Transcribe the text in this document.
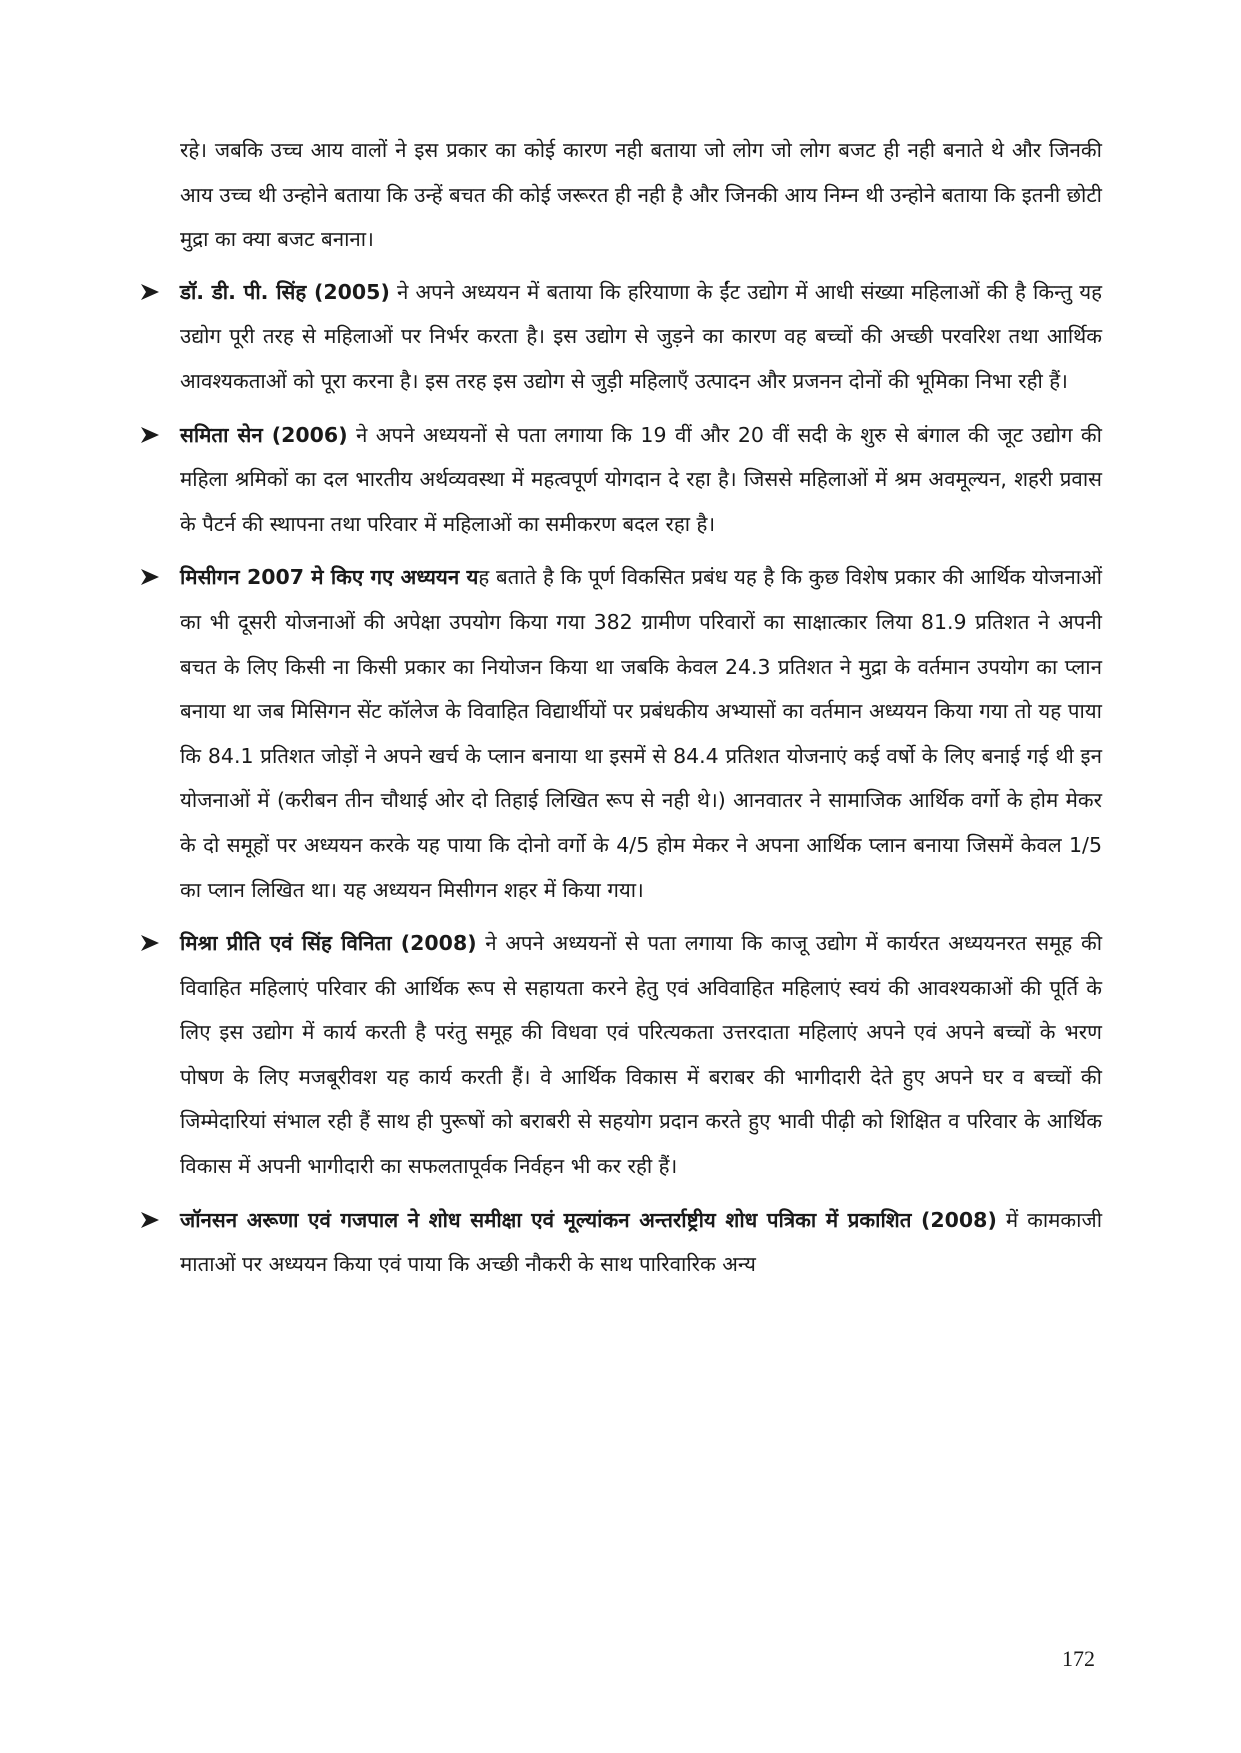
रहे। जबकि उच्च आय वालों ने इस प्रकार का कोई कारण नही बताया जो लोग जो लोग बजट ही नही बनाते थे और जिनकी आय उच्च थी उन्होने बताया कि उन्हें बचत की कोई जरूरत ही नही है और जिनकी आय निम्न थी उन्होने बताया कि इतनी छोटी मुद्रा का क्या बजट बनाना।

डॉ. डी. पी. सिंह (2005) ने अपने अध्ययन में बताया कि हरियाणा के ईंट उद्योग में आधी संख्या महिलाओं की है किन्तु यह उद्योग पूरी तरह से महिलाओं पर निर्भर करता है। इस उद्योग से जुड़ने का कारण वह बच्चों की अच्छी परवरिश तथा आर्थिक आवश्यकताओं को पूरा करना है। इस तरह इस उद्योग से जुड़ी महिलाएँ उत्पादन और प्रजनन दोनों की भूमिका निभा रही हैं।

समिता सेन (2006) ने अपने अध्ययनों से पता लगाया कि 19 वीं और 20 वीं सदी के शुरु से बंगाल की जूट उद्योग की महिला श्रमिकों का दल भारतीय अर्थव्यवस्था में महत्वपूर्ण योगदान दे रहा है। जिससे महिलाओं में श्रम अवमूल्यन, शहरी प्रवास के पैटर्न की स्थापना तथा परिवार में महिलाओं का समीकरण बदल रहा है।

मिसीगन 2007 मे किए गए अध्ययन यह बताते है कि पूर्ण विकसित प्रबंध यह है कि कुछ विशेष प्रकार की आर्थिक योजनाओं का भी दूसरी योजनाओं की अपेक्षा उपयोग किया गया 382 ग्रामीण परिवारों का साक्षात्कार लिया 81.9 प्रतिशत ने अपनी बचत के लिए किसी ना किसी प्रकार का नियोजन किया था जबकि केवल 24.3 प्रतिशत ने मुद्रा के वर्तमान उपयोग का प्लान बनाया था जब मिसिगन सेंट कॉलेज के विवाहित विद्यार्थीयों पर प्रबंधकीय अभ्यासों का वर्तमान अध्ययन किया गया तो यह पाया कि 84.1 प्रतिशत जोड़ों ने अपने खर्च के प्लान बनाया था इसमें से 84.4 प्रतिशत योजनाएं कई वर्षो के लिए बनाई गई थी इन योजनाओं में (करीबन तीन चौथाई ओर दो तिहाई लिखित रूप से नही थे।) आनवातर ने सामाजिक आर्थिक वर्गो के होम मेकर के दो समूहों पर अध्ययन करके यह पाया कि दोनो वर्गो के 4/5 होम मेकर ने अपना आर्थिक प्लान बनाया जिसमें केवल 1/5 का प्लान लिखित था। यह अध्ययन मिसीगन शहर में किया गया।

मिश्रा प्रीति एवं सिंह विनिता (2008) ने अपने अध्ययनों से पता लगाया कि काजू उद्योग में कार्यरत अध्ययनरत समूह की विवाहित महिलाएं परिवार की आर्थिक रूप से सहायता करने हेतु एवं अविवाहित महिलाएं स्वयं की आवश्यकाओं की पूर्ति के लिए इस उद्योग में कार्य करती है परंतु समूह की विधवा एवं परित्यकता उत्तरदाता महिलाएं अपने एवं अपने बच्चों के भरण पोषण के लिए मजबूरीवश यह कार्य करती हैं। वे आर्थिक विकास में बराबर की भागीदारी देते हुए अपने घर व बच्चों की जिम्मेदारियां संभाल रही हैं साथ ही पुरूषों को बराबरी से सहयोग प्रदान करते हुए भावी पीढ़ी को शिक्षित व परिवार के आर्थिक विकास में अपनी भागीदारी का सफलतापूर्वक निर्वहन भी कर रही हैं।

जॉनसन अरूणा एवं गजपाल ने शोध समीक्षा एवं मूल्यांकन अन्तर्राष्ट्रीय शोध पत्रिका में प्रकाशित (2008) में कामकाजी माताओं पर अध्ययन किया एवं पाया कि अच्छी नौकरी के साथ पारिवारिक अन्य

172
